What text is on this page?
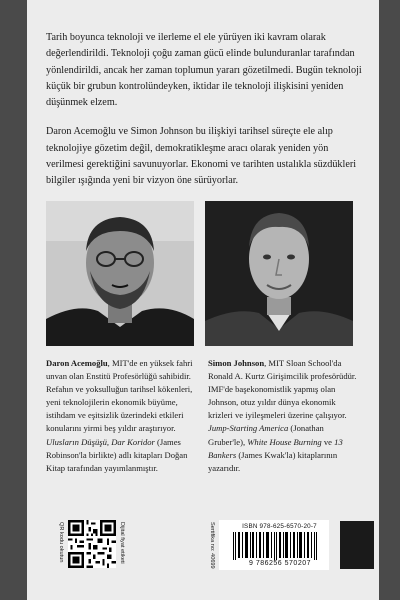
Tarih boyunca teknoloji ve ilerleme el ele yürüyen iki kavram olarak değerlendirildi. Teknoloji çoğu zaman gücü elinde bulunduranlar tarafından yönlendirildi, ancak her zaman toplumun yararı gözetilmedi. Bugün teknoloji küçük bir grubun kontrolündeyken, iktidar ile teknoloji ilişkisini yeniden düşünmek elzem.

Daron Acemoğlu ve Simon Johnson bu ilişkiyi tarihsel süreçte ele alıp teknolojiye gözetim değil, demokratikleşme aracı olarak yeniden yön verilmesi gerektiğini savunuyorlar. Ekonomi ve tarihten ustalıkla süzdükleri bilgiler ışığında yeni bir vizyon öne sürüyorlar.

Daron Acemoğlu, MIT'de en yüksek fahri unvan olan Enstitü Profesörlüğü sahibidir. Refahın ve yoksulluğun tarihsel kökenleri, yeni teknolojilerin ekonomik büyüme, istihdam ve eşitsizlik üzerindeki etkileri konularını yirmi beş yıldır araştırıyor. Ulusların Düşüşü, Dar Koridor (James Robinson'la birlikte) adlı kitapları Doğan Kitap tarafından yayımlanmıştır.

Simon Johnson, MIT Sloan School'da Ronald A. Kurtz Girişimcilik profesörüdür. IMF'de başekonomistlik yapmış olan Johnson, otuz yıldır dünya ekonomik krizleri ve iyileşmeleri üzerine çalışıyor. Jump-Starting America (Jonathan Gruber'le), White House Burning ve 13 Bankers (James Kwak'la) kitaplarının yazarıdır.

QR kodu okutun	Dijital fiyat etiketi	Sertifika no: 40699	ISBN 978-625-6570-20-7
9 786256 570207
